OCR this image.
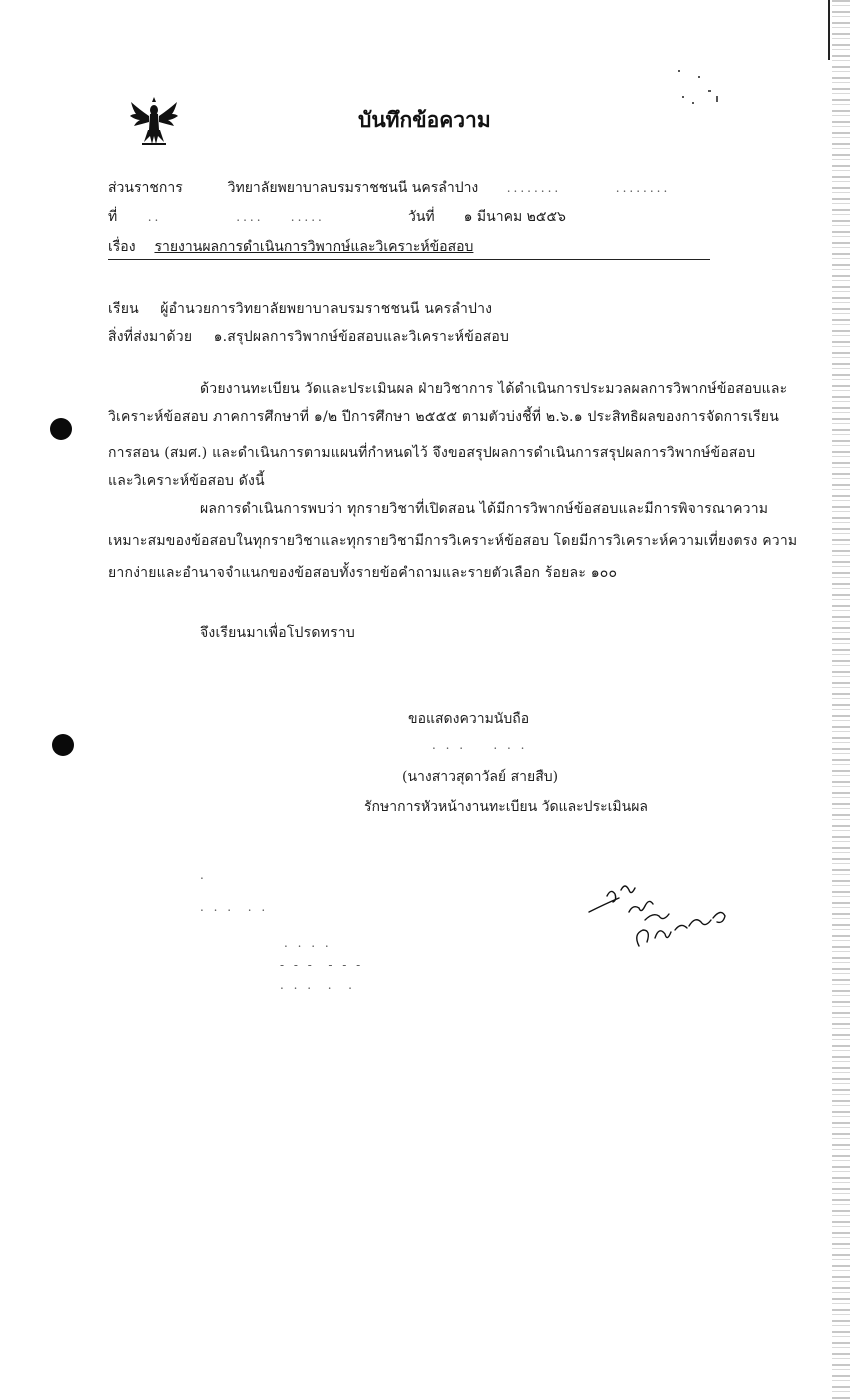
บันทึกข้อความ
ส่วนราชการ	วิทยาลัยพยาบาลบรมราชชนนี นครลำปาง ........        ........
ที่	..           ....    .....	วันที่ ๑ มีนาคม ๒๕๕๖
เรื่อง รายงานผลการดำเนินการวิพากษ์และวิเคราะห์ข้อสอบ
เรียน ผู้อำนวยการวิทยาลัยพยาบาลบรมราชชนนี นครลำปาง
สิ่งที่ส่งมาด้วย ๑.สรุปผลการวิพากษ์ข้อสอบและวิเคราะห์ข้อสอบ
ด้วยงานทะเบียน วัดและประเมินผล ฝ่ายวิชาการ ได้ดำเนินการประมวลผลการวิพากษ์ข้อสอบและ
วิเคราะห์ข้อสอบ ภาคการศึกษาที่ ๑/๒ ปีการศึกษา ๒๕๕๕ ตามตัวบ่งชี้ที่ ๒.๖.๑ ประสิทธิผลของการจัดการเรียน
การสอน (สมศ.) และดำเนินการตามแผนที่กำหนดไว้ จึงขอสรุปผลการดำเนินการสรุปผลการวิพากษ์ข้อสอบ
และวิเคราะห์ข้อสอบ ดังนี้
ผลการดำเนินการพบว่า ทุกรายวิชาที่เปิดสอน ได้มีการวิพากษ์ข้อสอบและมีการพิจารณาความ
เหมาะสมของข้อสอบในทุกรายวิชาและทุกรายวิชามีการวิเคราะห์ข้อสอบ โดยมีการวิเคราะห์ความเที่ยงตรง ความ
ยากง่ายและอำนาจจำแนกของข้อสอบทั้งรายข้อคำถามและรายตัวเลือก ร้อยละ ๑๐๐
จึงเรียนมาเพื่อโปรดทราบ
ขอแสดงความนับถือ
. . .    . . .
(นางสาวสุดาวัลย์ สายสืบ)
รักษาการหัวหน้างานทะเบียน วัดและประเมินผล
.
. . .  . .
. . . .
- - -  - - -
. . .  .  .
